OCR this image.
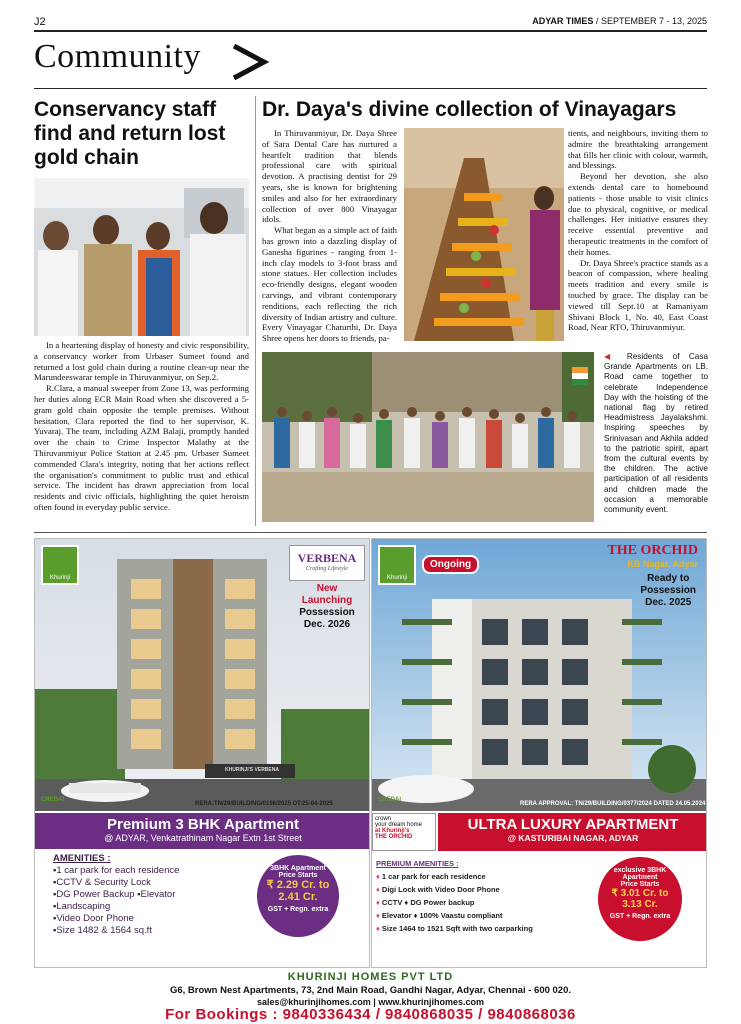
J2	ADYAR TIMES / SEPTEMBER 7 - 13, 2025
Community
Conservancy staff find and return lost gold chain

In a heartening display of honesty and civic responsibility, a conservancy worker from Urbaser Sumeet found and returned a lost gold chain during a routine clean-up near the Marundeeswarar temple in Thiruvanmiyur, on Sep.2.

R.Clara, a manual sweeper from Zone 13, was performing her duties along ECR Main Road when she discovered a 5-gram gold chain opposite the temple premises. Without hesitation, Clara reported the find to her supervisor, K. Yuvaraj. The team, including AZM Balaji, promptly handed over the chain to Crime Inspector Malathy at the Thiruvanmiyur Police Station at 2.45 pm. Urbaser Sumeet commended Clara's integrity, noting that her actions reflect the organisation's commitment to public trust and ethical service. The incident has drawn appreciation from local residents and civic officials, highlighting the quiet heroism often found in everyday public service.

Dr. Daya's divine collection of Vinayagars

In Thiruvanmiyur, Dr. Daya Shree of Sara Dental Care has nurtured a heartfelt tradition that blends professional care with spiritual devotion. A practising dentist for 29 years, she is known for brightening smiles and also for her extraordinary collection of over 800 Vinayagar idols.

What began as a simple act of faith has grown into a dazzling display of Ganesha figurines - ranging from 1-inch clay models to 3-foot brass and stone statues. Her collection includes eco-friendly designs, elegant wooden carvings, and vibrant contemporary renditions, each reflecting the rich diversity of Indian artistry and culture. Every Vinayagar Chaturthi, Dr. Daya Shree opens her doors to friends, pa-

tients, and neighbours, inviting them to admire the breathtaking arrangement that fills her clinic with colour, warmth, and blessings.

Beyond her devotion, she also extends dental care to homebound patients - those unable to visit clinics due to physical, cognitive, or medical challenges. Her initiative ensures they receive essential preventive and therapeutic treatments in the comfort of their homes.

Dr. Daya Shree's practice stands as a beacon of compassion, where healing meets tradition and every smile is touched by grace. The display can be viewed till Sept.10 at Ramaniyam Shivani Block 1, No. 40, East Coast Road, Near RTO, Thiruvanmiyur.

◀ Residents of Casa Grande Apartments on LB. Road came together to celebrate Independence Day with the hoisting of the national flag by retired Headmistress Jayalakshmi. Inspiring speeches by Srinivasan and Akhila added to the patriotic spirit, apart from the cultural events by the children. The active participation of all residents and children made the occasion a memorable community event.
Khurinji
VERBENA
Crafting Lifestyle
New
Launching
Possession
Dec. 2026
KHURINJI'S VERBENA
CREDAI
RERA:TN/29/BUILDING/0156/2025 DT:25-04-2025
Premium 3 BHK Apartment
@ ADYAR, Venkatrathinam Nagar Extn 1st Street
AMENITIES :
▪1 car park for each residence
▪CCTV & Security Lock
▪DG Power Backup ▪Elevator
▪Landscaping
▪Video Door Phone
▪Size 1482 & 1564 sq.ft
3BHK Apartment
Price Starts
₹ 2.29 Cr. to
2.41 Cr.
GST + Regn. extra
Khurinji
Ongoing
THE ORCHID
KB Nagar, Adyar
Ready to
Possession
Dec. 2025
CREDAI
RERA APPROVAL: TN/29/BUILDING/0377/2024 DATED 24.05.2024
crown
your dream home
at Khurinji's
THE ORCHID
ULTRA LUXURY APARTMENT
@ KASTURIBAI NAGAR, ADYAR
PREMIUM AMENITIES :
♦ 1 car park for each residence
♦ Digi Lock with Video Door Phone
♦ CCTV ♦ DG Power backup
♦ Elevator ♦ 100% Vaastu compliant
♦ Size 1464 to 1521 Sqft with two carparking
exclusive 3BHK Apartment
Price Starts
₹ 3.01 Cr. to
3.13 Cr.
GST + Regn. extra
KHURINJI HOMES PVT LTD
G6, Brown Nest Apartments, 73, 2nd Main Road, Gandhi Nagar, Adyar, Chennai - 600 020.
sales@khurinjihomes.com | www.khurinjihomes.com
For Bookings : 9840336434 / 9840868035 / 9840868036
